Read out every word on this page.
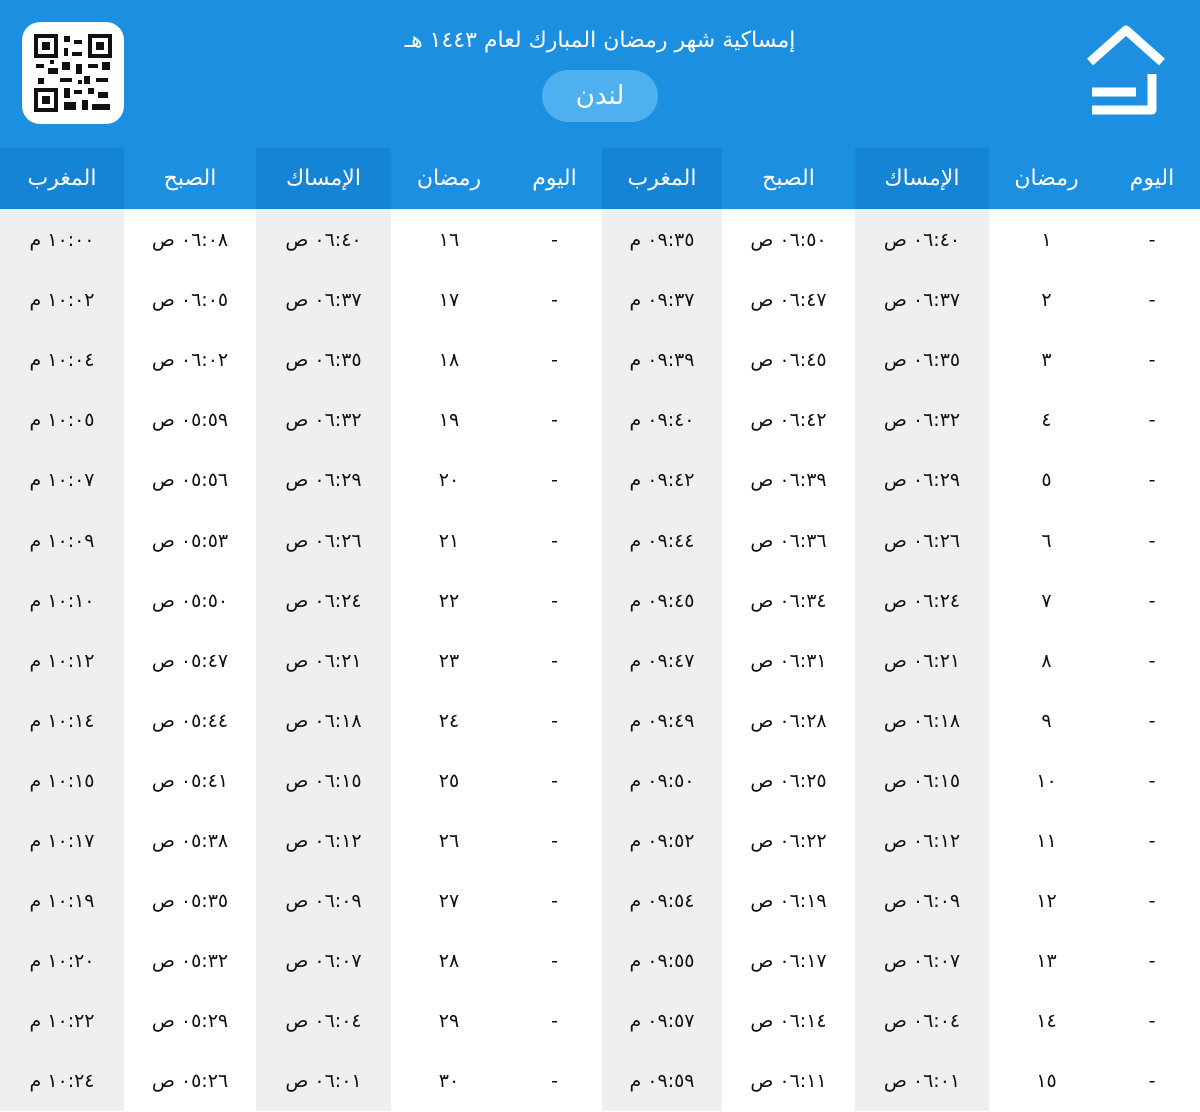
إمساكية شهر رمضان المبارك لعام ١٤٤٣ هـ
لندن
اليوم
رمضان
الإمساك
الصبح
المغرب
اليوم
رمضان
الإمساك
الصبح
المغرب
-
١
٠٦:٤٠ ص
٠٦:٥٠ ص
٠٩:٣٥ م
-
١٦
٠٦:٤٠ ص
٠٦:٠٨ ص
١٠:٠٠ م
-
٢
٠٦:٣٧ ص
٠٦:٤٧ ص
٠٩:٣٧ م
-
١٧
٠٦:٣٧ ص
٠٦:٠٥ ص
١٠:٠٢ م
-
٣
٠٦:٣٥ ص
٠٦:٤٥ ص
٠٩:٣٩ م
-
١٨
٠٦:٣٥ ص
٠٦:٠٢ ص
١٠:٠٤ م
-
٤
٠٦:٣٢ ص
٠٦:٤٢ ص
٠٩:٤٠ م
-
١٩
٠٦:٣٢ ص
٠٥:٥٩ ص
١٠:٠٥ م
-
٥
٠٦:٢٩ ص
٠٦:٣٩ ص
٠٩:٤٢ م
-
٢٠
٠٦:٢٩ ص
٠٥:٥٦ ص
١٠:٠٧ م
-
٦
٠٦:٢٦ ص
٠٦:٣٦ ص
٠٩:٤٤ م
-
٢١
٠٦:٢٦ ص
٠٥:٥٣ ص
١٠:٠٩ م
-
٧
٠٦:٢٤ ص
٠٦:٣٤ ص
٠٩:٤٥ م
-
٢٢
٠٦:٢٤ ص
٠٥:٥٠ ص
١٠:١٠ م
-
٨
٠٦:٢١ ص
٠٦:٣١ ص
٠٩:٤٧ م
-
٢٣
٠٦:٢١ ص
٠٥:٤٧ ص
١٠:١٢ م
-
٩
٠٦:١٨ ص
٠٦:٢٨ ص
٠٩:٤٩ م
-
٢٤
٠٦:١٨ ص
٠٥:٤٤ ص
١٠:١٤ م
-
١٠
٠٦:١٥ ص
٠٦:٢٥ ص
٠٩:٥٠ م
-
٢٥
٠٦:١٥ ص
٠٥:٤١ ص
١٠:١٥ م
-
١١
٠٦:١٢ ص
٠٦:٢٢ ص
٠٩:٥٢ م
-
٢٦
٠٦:١٢ ص
٠٥:٣٨ ص
١٠:١٧ م
-
١٢
٠٦:٠٩ ص
٠٦:١٩ ص
٠٩:٥٤ م
-
٢٧
٠٦:٠٩ ص
٠٥:٣٥ ص
١٠:١٩ م
-
١٣
٠٦:٠٧ ص
٠٦:١٧ ص
٠٩:٥٥ م
-
٢٨
٠٦:٠٧ ص
٠٥:٣٢ ص
١٠:٢٠ م
-
١٤
٠٦:٠٤ ص
٠٦:١٤ ص
٠٩:٥٧ م
-
٢٩
٠٦:٠٤ ص
٠٥:٢٩ ص
١٠:٢٢ م
-
١٥
٠٦:٠١ ص
٠٦:١١ ص
٠٩:٥٩ م
-
٣٠
٠٦:٠١ ص
٠٥:٢٦ ص
١٠:٢٤ م
